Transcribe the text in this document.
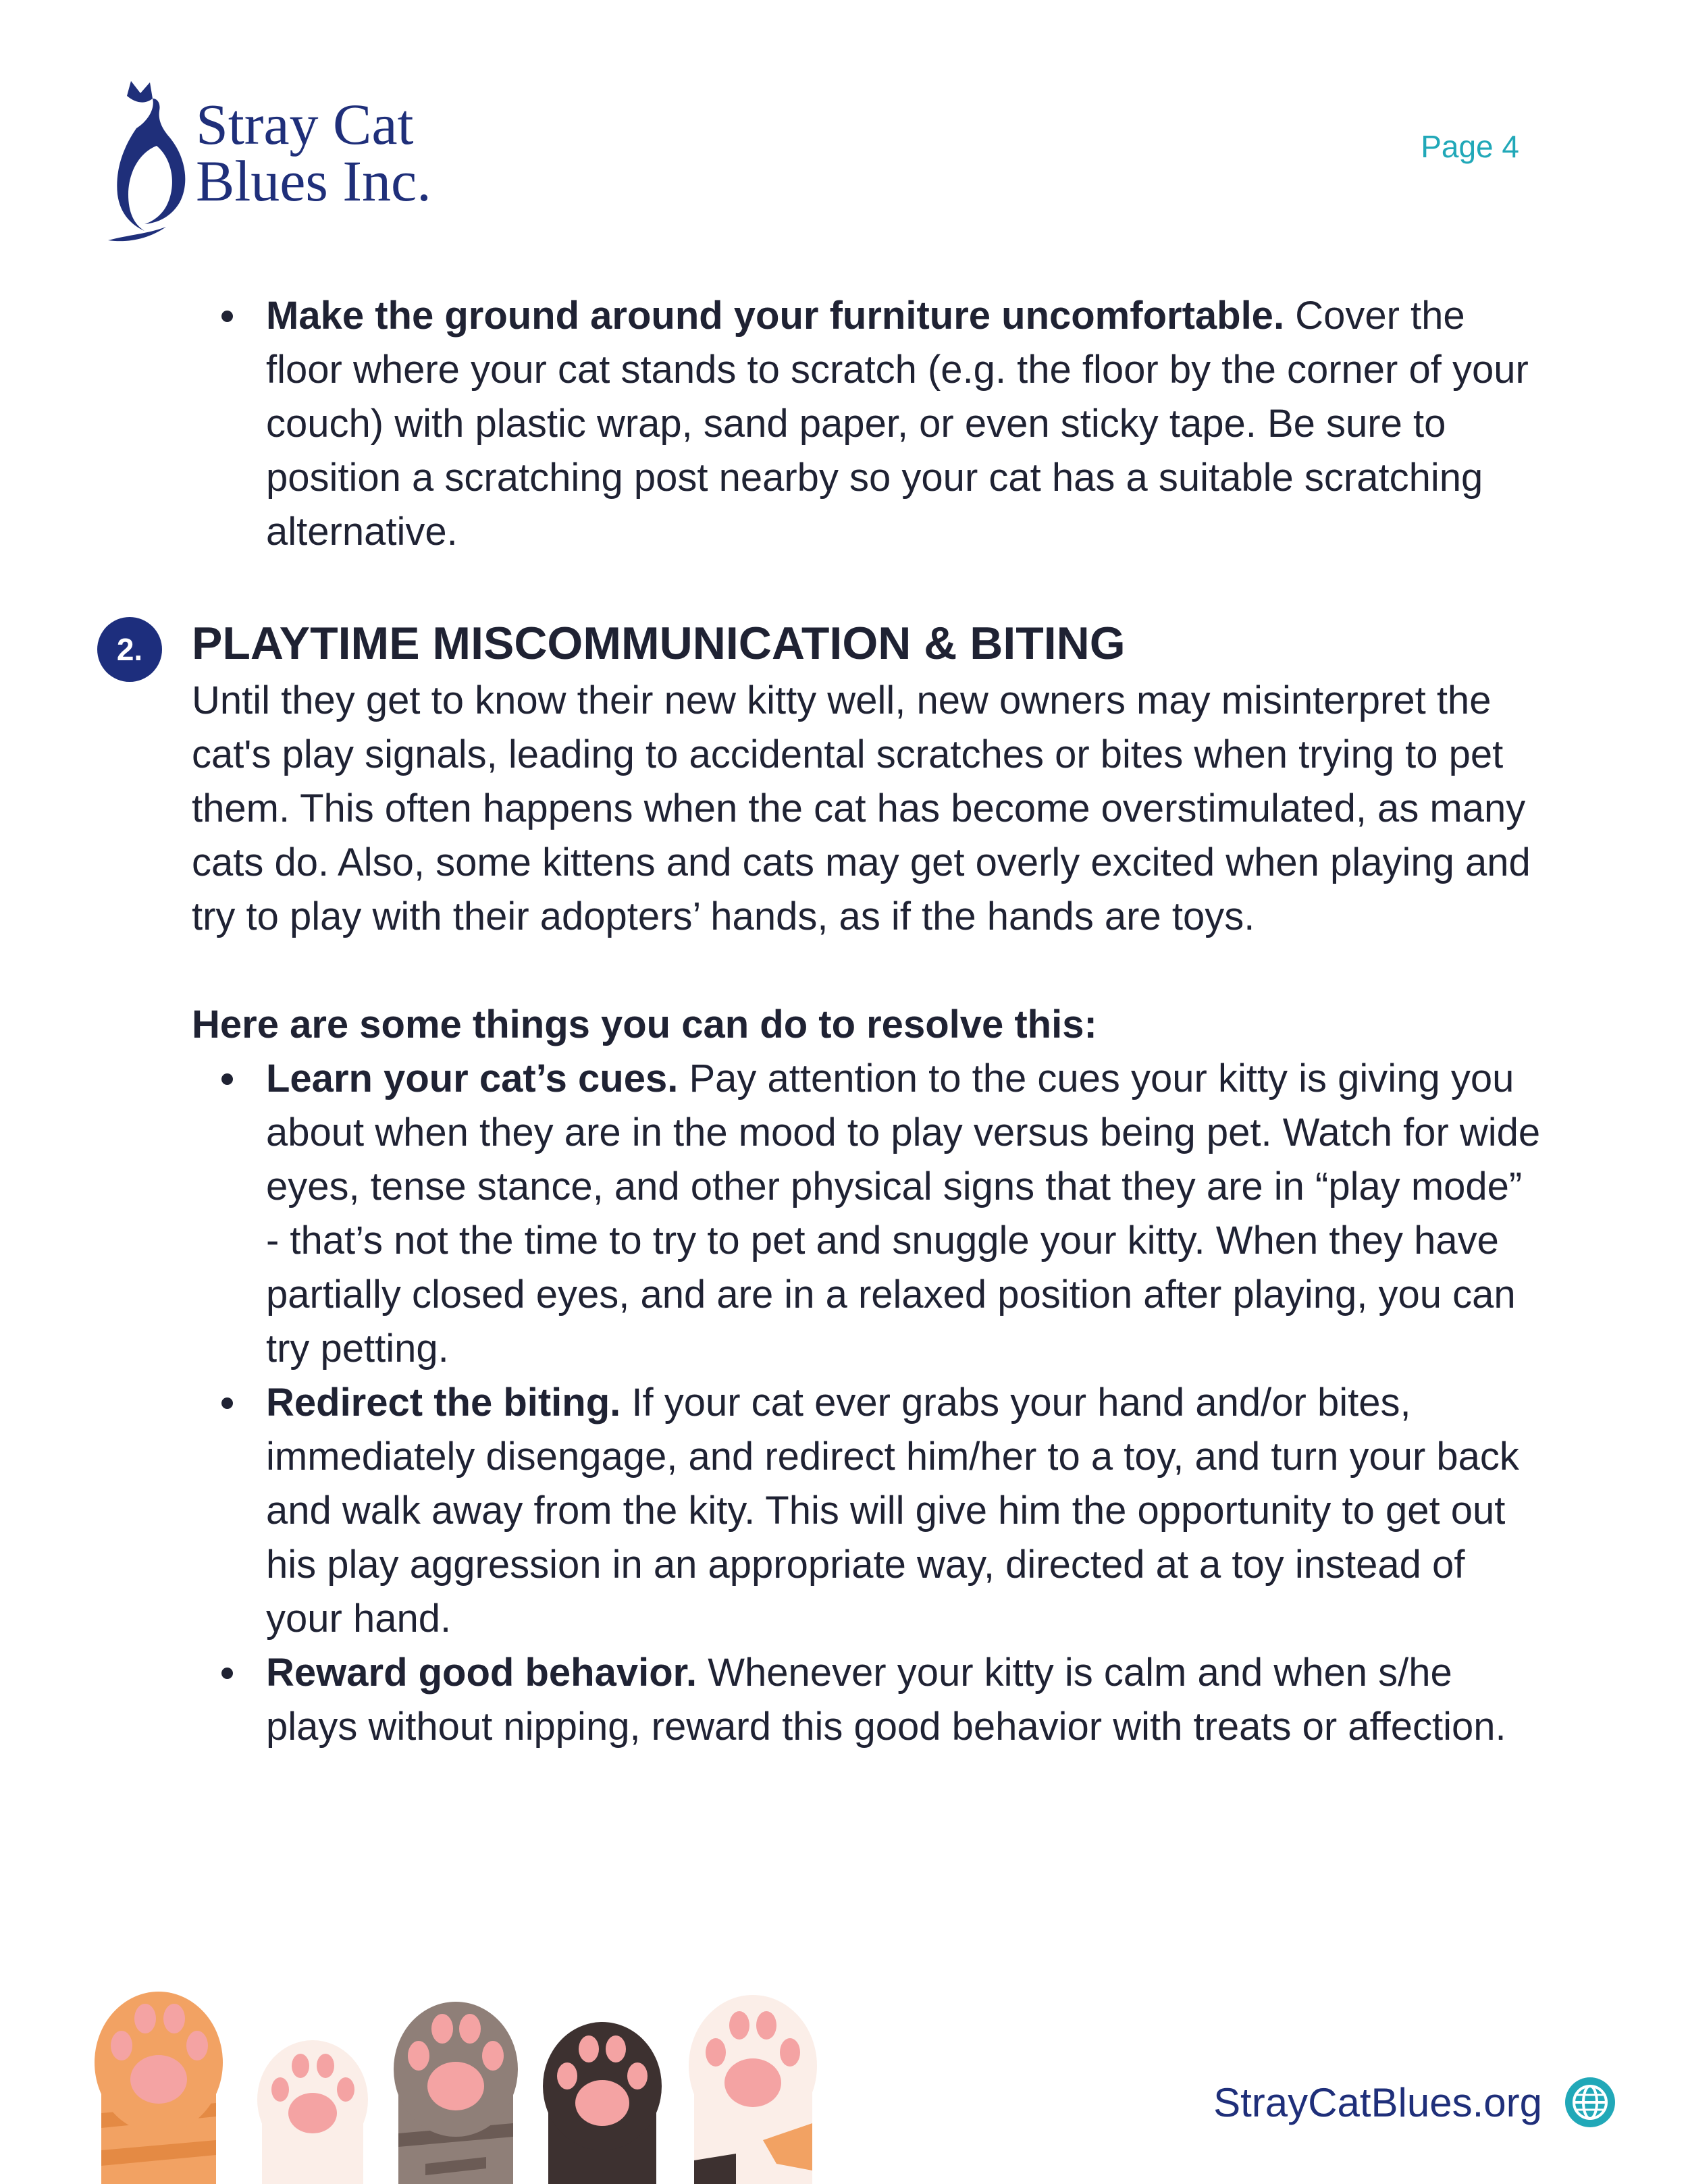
Stray Cat
Blues Inc.
Page 4
Make the ground around your furniture uncomfortable. Cover the floor where your cat stands to scratch (e.g. the floor by the corner of your couch) with plastic wrap, sand paper, or even sticky tape. Be sure to position a scratching post nearby so your cat has a suitable scratching alternative.
2.	PLAYTIME MISCOMMUNICATION & BITING

Until they get to know their new kitty well, new owners may misinterpret the cat's play signals, leading to accidental scratches or bites when trying to pet them. This often happens when the cat has become overstimulated, as many cats do. Also, some kittens and cats may get overly excited when playing and try to play with their adopters’ hands, as if the hands are toys.

Here are some things you can do to resolve this:

Learn your cat’s cues. Pay attention to the cues your kitty is giving you about when they are in the mood to play versus being pet. Watch for wide eyes, tense stance, and other physical signs that they are in “play mode” - that’s not the time to try to pet and snuggle your kitty. When they have partially closed eyes, and are in a relaxed position after playing, you can try petting.
Redirect the biting. If your cat ever grabs your hand and/or bites, immediately disengage, and redirect him/her to a toy, and turn your back and walk away from the kity. This will give him the opportunity to get out his play aggression in an appropriate way, directed at a toy instead of your hand.
Reward good behavior. Whenever your kitty is calm and when s/he plays without nipping, reward this good behavior with treats or affection.
StrayCatBlues.org
